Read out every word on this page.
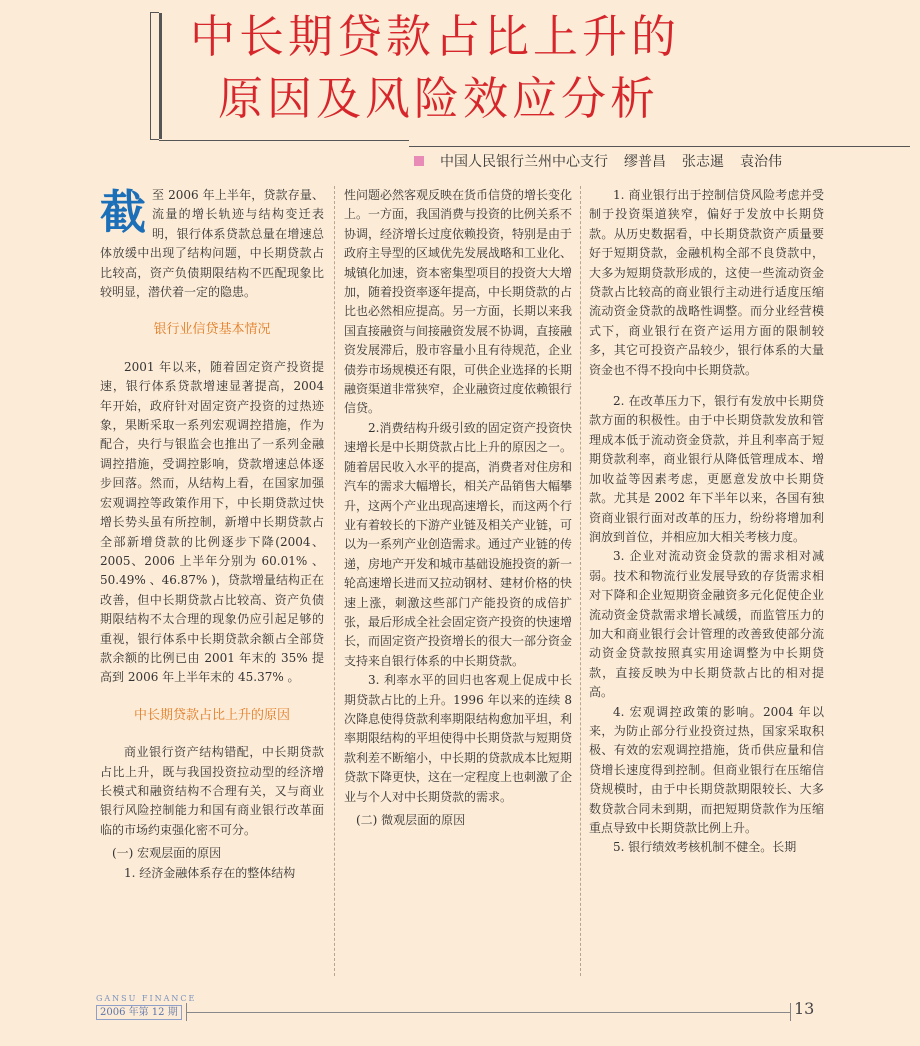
中长期贷款占比上升的
原因及风险效应分析
中国人民银行兰州中心支行 缪普昌 张志暹 袁治伟
截 至 2006 年上半年，贷款存量、流量的增长轨迹与结构变迁表明，银行体系贷款总量在增速总体放缓中出现了结构问题，中长期贷款占比较高，资产负债期限结构不匹配现象比较明显，潜伏着一定的隐患。

银行业信贷基本情况

2001 年以来，随着固定资产投资提速，银行体系贷款增速显著提高，2004 年开始，政府针对固定资产投资的过热迹象，果断采取一系列宏观调控措施，作为配合，央行与银监会也推出了一系列金融调控措施，受调控影响，贷款增速总体逐步回落。然而，从结构上看，在国家加强宏观调控等政策作用下，中长期贷款过快增长势头虽有所控制，新增中长期贷款占全部新增贷款的比例逐步下降(2004、2005、2006 上半年分别为 60.01% 、50.49% 、46.87% )，贷款增量结构正在改善，但中长期贷款占比较高、资产负债期限结构不太合理的现象仍应引起足够的重视，银行体系中长期贷款余额占全部贷款余额的比例已由 2001 年末的 35% 提高到 2006 年上半年末的 45.37% 。

中长期贷款占比上升的原因

商业银行资产结构错配，中长期贷款占比上升，既与我国投资拉动型的经济增长模式和融资结构不合理有关，又与商业银行风险控制能力和国有商业银行改革面临的市场约束强化密不可分。

(一) 宏观层面的原因

1. 经济金融体系存在的整体结构

性问题必然客观反映在货币信贷的增长变化上。一方面，我国消费与投资的比例关系不协调，经济增长过度依赖投资，特别是由于政府主导型的区域优先发展战略和工业化、城镇化加速，资本密集型项目的投资大大增加，随着投资率逐年提高，中长期贷款的占比也必然相应提高。另一方面，长期以来我国直接融资与间接融资发展不协调，直接融资发展滞后，股市容量小且有待规范，企业债券市场规模还有限，可供企业选择的长期融资渠道非常狭窄，企业融资过度依赖银行信贷。

2.消费结构升级引致的固定资产投资快速增长是中长期贷款占比上升的原因之一。随着居民收入水平的提高，消费者对住房和汽车的需求大幅增长，相关产品销售大幅攀升，这两个产业出现高速增长，而这两个行业有着较长的下游产业链及相关产业链，可以为一系列产业创造需求。通过产业链的传递，房地产开发和城市基础设施投资的新一轮高速增长进而又拉动钢材、建材价格的快速上涨，刺激这些部门产能投资的成倍扩张，最后形成全社会固定资产投资的快速增长，而固定资产投资增长的很大一部分资金支持来自银行体系的中长期贷款。

3. 利率水平的回归也客观上促成中长期贷款占比的上升。1996 年以来的连续 8 次降息使得贷款利率期限结构愈加平坦，利率期限结构的平坦使得中长期贷款与短期贷款利差不断缩小，中长期的贷款成本比短期贷款下降更快，这在一定程度上也刺激了企业与个人对中长期贷款的需求。

(二) 微观层面的原因

1. 商业银行出于控制信贷风险考虑并受制于投资渠道狭窄，偏好于发放中长期贷款。从历史数据看，中长期贷款资产质量要好于短期贷款，金融机构全部不良贷款中，大多为短期贷款形成的，这使一些流动资金贷款占比较高的商业银行主动进行适度压缩流动资金贷款的战略性调整。而分业经营模式下，商业银行在资产运用方面的限制较多，其它可投资产品较少，银行体系的大量资金也不得不投向中长期贷款。

2. 在改革压力下，银行有发放中长期贷款方面的积极性。由于中长期贷款发放和管理成本低于流动资金贷款，并且利率高于短期贷款利率，商业银行从降低管理成本、增加收益等因素考虑，更愿意发放中长期贷款。尤其是 2002 年下半年以来，各国有独资商业银行面对改革的压力，纷纷将增加利润放到首位，并相应加大相关考核力度。

3. 企业对流动资金贷款的需求相对减弱。技术和物流行业发展导致的存货需求相对下降和企业短期资金融资多元化促使企业流动资金贷款需求增长减缓，而监管压力的加大和商业银行会计管理的改善致使部分流动资金贷款按照真实用途调整为中长期贷款，直接反映为中长期贷款占比的相对提高。

4. 宏观调控政策的影响。2004 年以来，为防止部分行业投资过热，国家采取积极、有效的宏观调控措施，货币供应量和信贷增长速度得到控制。但商业银行在压缩信贷规模时，由于中长期贷款期限较长、大多数贷款合同未到期，而把短期贷款作为压缩重点导致中长期贷款比例上升。

5. 银行绩效考核机制不健全。长期

GANSU FINANCE
2006 年第 12 期	13
